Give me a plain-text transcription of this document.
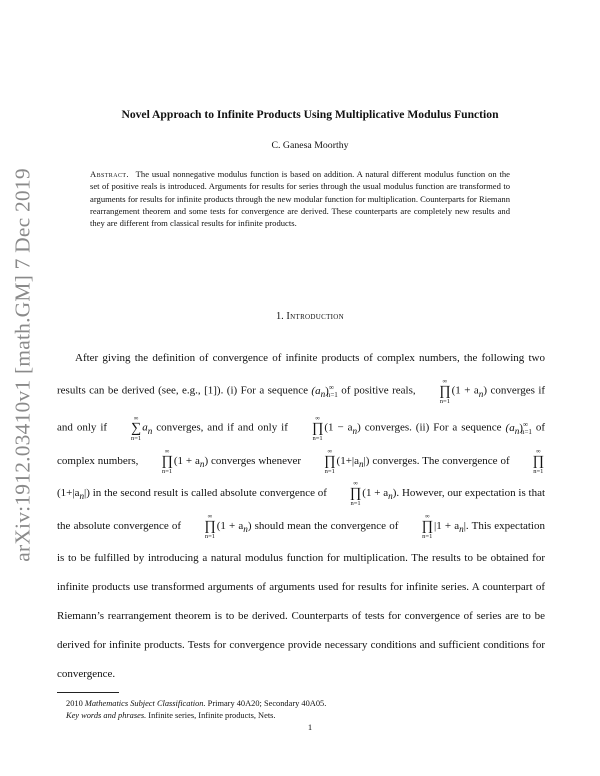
arXiv:1912.03410v1 [math.GM] 7 Dec 2019
Novel Approach to Infinite Products Using Multiplicative Modulus Function
C. Ganesa Moorthy
Abstract. The usual nonnegative modulus function is based on addition. A natural different modulus function on the set of positive reals is introduced. Arguments for results for series through the usual modulus function are transformed to arguments for results for infinite products through the new modular function for multiplication. Counterparts for Riemann rearrangement theorem and some tests for convergence are derived. These counterparts are completely new results and they are different from classical results for infinite products.
1. Introduction

After giving the definition of convergence of infinite products of complex numbers, the following two results can be derived (see, e.g., [1]). (i) For a sequence $(a_n)^\infty_{n=1}$ of positive reals,
∞
∏
n=1
$(1 + a_n)$ converges if and only if
∞
∑
n=1
$a_n$ converges, and if and only if
∞
∏
n=1
$(1 - a_n)$ converges. (ii) For a sequence $(a_n)^\infty_{n=1}$ of complex numbers,
∞
∏
n=1
$(1 + a_n)$ converges whenever
∞
∏
n=1
$(1+|a_n|)$ converges. The convergence of
∞
∏
n=1
$(1+|a_n|)$ in the second result is called absolute convergence of
∞
∏
n=1
$(1 + a_n)$. However, our expectation is that the absolute convergence of
∞
∏
n=1
$(1 + a_n)$ should mean the convergence of
∞
∏
n=1
$|1 + a_n|$. This expectation is to be fulfilled by introducing a natural modulus function for multiplication. The results to be obtained for infinite products use transformed arguments of arguments used for results for infinite series. A counterpart of Riemann’s rearrangement theorem is to be derived. Counterparts of tests for convergence of series are to be derived for infinite products. Tests for convergence provide necessary conditions and sufficient conditions for convergence.

2010 Mathematics Subject Classification. Primary 40A20; Secondary 40A05.
Key words and phrases. Infinite series, Infinite products, Nets.
1
